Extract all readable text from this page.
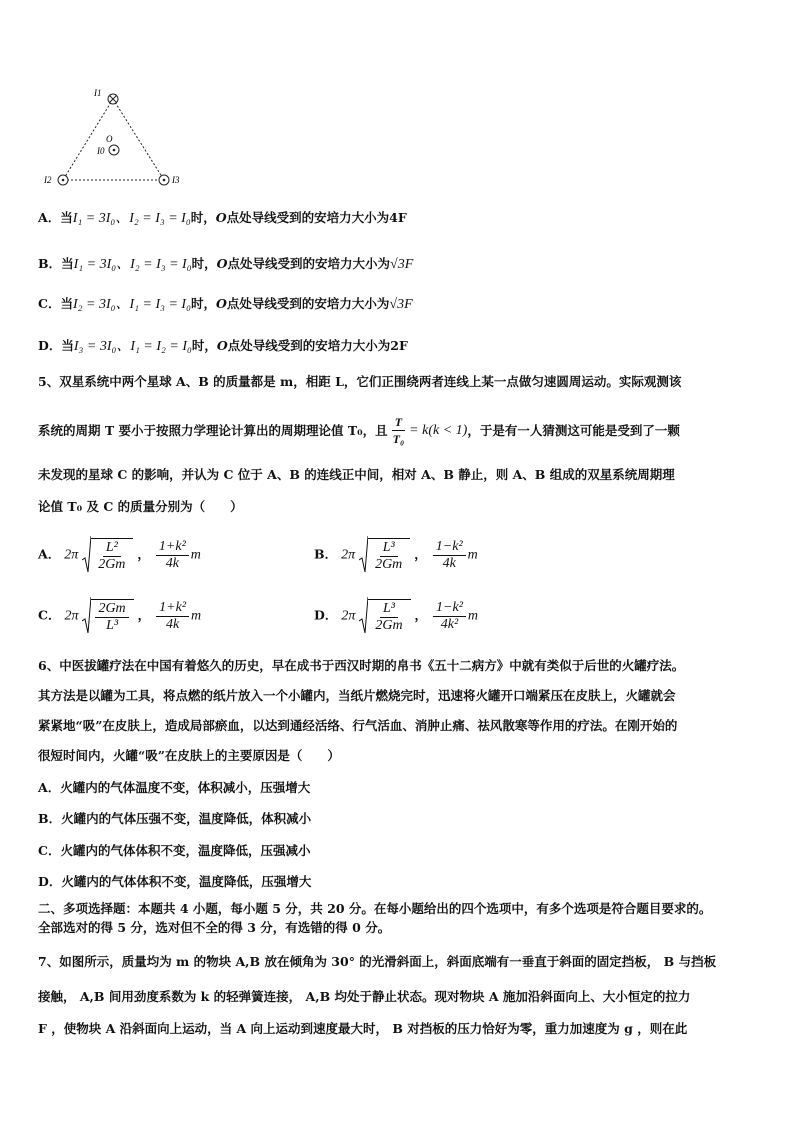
I1
O
I0
I2	I3
A．当I₁ = 3I₀、I₂ = I₃ = I₀时，O点处导线受到的安培力大小为4F
B．当I₁ = 3I₀、I₂ = I₃ = I₀时，O点处导线受到的安培力大小为√3F
C．当I₂ = 3I₀、I₁ = I₃ = I₀时，O点处导线受到的安培力大小为√3F
D．当I₃ = 3I₀、I₁ = I₂ = I₀时，O点处导线受到的安培力大小为2F
5、双星系统中两个星球 A、B 的质量都是 m，相距 L，它们正围绕两者连线上某一点做匀速圆周运动。实际观测该
系统的周期 T 要小于按照力学理论计算出的周期理论值 T₀，且 $\frac{T}{\text{T₀}} = k(k < 1)$ ，于是有一人猜测这可能是受到了一颗
未发现的星球 C 的影响，并认为 C 位于 A、B 的连线正中间，相对 A、B 静止，则 A、B 组成的双星系统周期理
论值 T₀ 及 C 的质量分别为（　　）
A． $2\pi \frac{\text{L²}}{2Gm}$ ， $\frac{\text{1+k²}}{4k}$ m	B． $2\pi \frac{\text{L³}}{2Gm}$ ， $\frac{\text{1−k²}}{4k}$ m
C． $2\pi \frac{2Gm}{\text{L³}}$ ， $\frac{\text{1+k²}}{4k}$ m	D． $2\pi \frac{\text{L³}}{2Gm}$ ， $\frac{\text{1−k²}}{\text{4k²}}$ m
6、中医拔罐疗法在中国有着悠久的历史，早在成书于西汉时期的帛书《五十二病方》中就有类似于后世的火罐疗法。
其方法是以罐为工具，将点燃的纸片放入一个小罐内，当纸片燃烧完时，迅速将火罐开口端紧压在皮肤上，火罐就会
紧紧地“吸”在皮肤上，造成局部瘀血，以达到通经活络、行气活血、消肿止痛、祛风散寒等作用的疗法。在刚开始的
很短时间内，火罐“吸”在皮肤上的主要原因是（　　）
A．火罐内的气体温度不变，体积减小，压强增大
B．火罐内的气体压强不变，温度降低，体积减小
C．火罐内的气体体积不变，温度降低，压强减小
D．火罐内的气体体积不变，温度降低，压强增大
二、多项选择题：本题共 4 小题，每小题 5 分，共 20 分。在每小题给出的四个选项中，有多个选项是符合题目要求的。
全部选对的得 5 分，选对但不全的得 3 分，有选错的得 0 分。
7、如图所示，质量均为 m 的物块 A,B 放在倾角为 30° 的光滑斜面上，斜面底端有一垂直于斜面的固定挡板， B 与挡板
接触， A,B 间用劲度系数为 k 的轻弹簧连接， A,B 均处于静止状态。现对物块 A 施加沿斜面向上、大小恒定的拉力
F ，使物块 A 沿斜面向上运动，当 A 向上运动到速度最大时， B 对挡板的压力恰好为零，重力加速度为 g ，则在此
